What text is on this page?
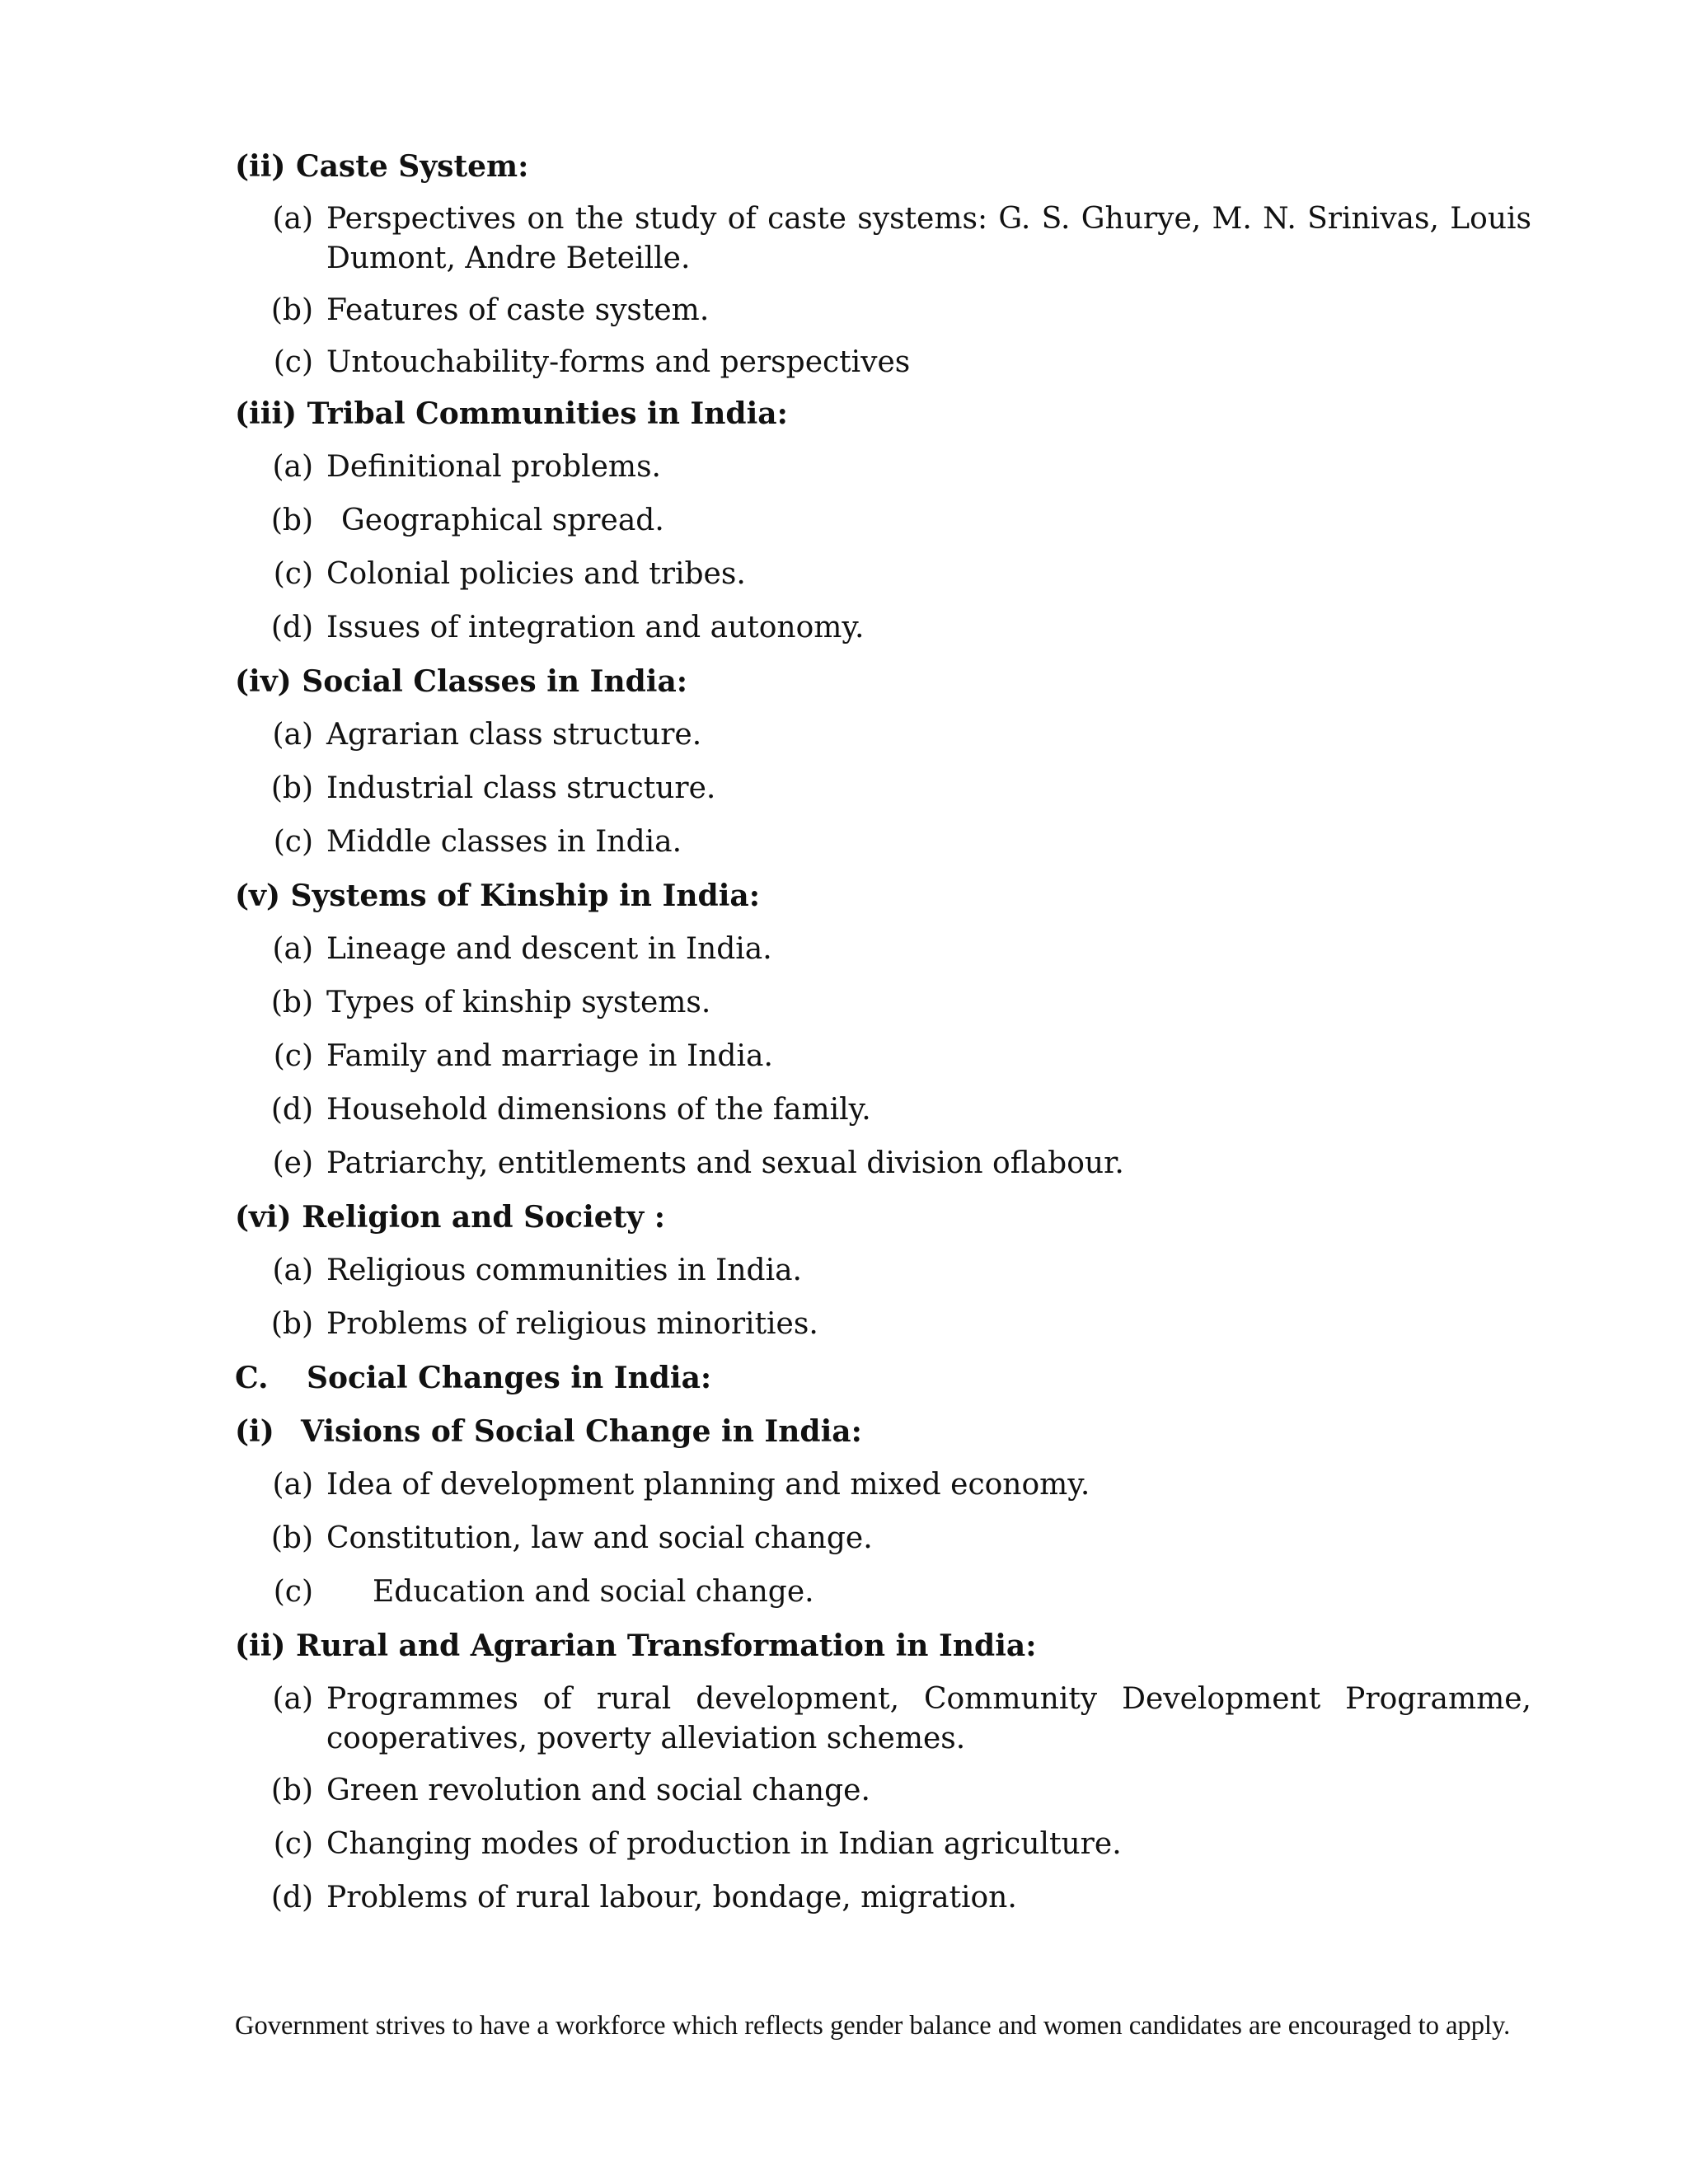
(ii) Caste System:
(a) Perspectives on the study of caste systems: G. S. Ghurye, M. N. Srinivas, Louis Dumont, Andre Beteille.
(b) Features of caste system.
(c) Untouchability-forms and perspectives
(iii) Tribal Communities in India:
(a) Definitional problems.
(b) Geographical spread.
(c) Colonial policies and tribes.
(d) Issues of integration and autonomy.
(iv) Social Classes in India:
(a) Agrarian class structure.
(b) Industrial class structure.
(c) Middle classes in India.
(v) Systems of Kinship in India:
(a) Lineage and descent in India.
(b) Types of kinship systems.
(c) Family and marriage in India.
(d) Household dimensions of the family.
(e) Patriarchy, entitlements and sexual division oflabour.
(vi) Religion and Society :
(a) Religious communities in India.
(b) Problems of religious minorities.
C. Social Changes in India:
(i) Visions of Social Change in India:
(a) Idea of development planning and mixed economy.
(b) Constitution, law and social change.
(c) Education and social change.
(ii) Rural and Agrarian Transformation in India:
(a) Programmes of rural development, Community Development Programme, cooperatives, poverty alleviation schemes.
(b) Green revolution and social change.
(c) Changing modes of production in Indian agriculture.
(d) Problems of rural labour, bondage, migration.
Government strives to have a workforce which reflects gender balance and women candidates are encouraged to apply.
